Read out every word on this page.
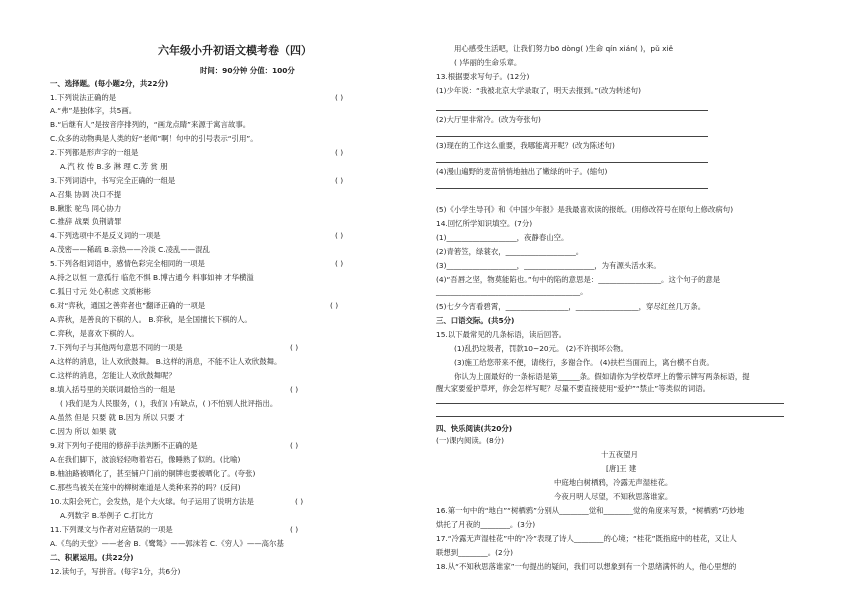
六年级小升初语文模考卷（四）
时间：90分钟 分值：100分
一、选择题。(每小题2分，共22分)
1.下列说法正确的是	( )
A.“弗”是独体字，共5画。
B.“后继有人”是按音序排列的，“画龙点睛”来源于寓言故事。
C.众多的动物典是人类的好“老师”啊！句中的引号表示“引用”。
2.下列都是形声字的一组是	( )
A.汽 枚 传 B.多 淋 理 C.芳 赏 朋
3.下列词语中，书写完全正确的一组是	( )
A.召集 协调 决口不提
B.瞅胀 驼鸟 同心协力
C.推辞 战栗 负荆请罪
4.下列选项中不是反义词的一项是	( )
A.茂密——稀疏 B.亲热——冷淡 C.凌乱——混乱
5.下列各组词语中，感情色彩完全相同的一项是	( )
A.持之以恒 一意孤行 临危不惧 B.博古通今 料事如神 才华横溢
C.狐日寸元 处心积虑 文质彬彬
6.对“弈秋，通国之善弈者也”翻译正确的一项是	( )
A.弈秋，是善良的下棋的人。 B.弈秋，是全国擅长下棋的人。
C.弈秋，是喜欢下棋的人。
7.下列句子与其他两句意思不同的一项是	( )
A.这样的消息，让人欢欣鼓舞。 B.这样的消息，不能不让人欢欣鼓舞。
C.这样的消息，怎能让人欢欣鼓舞呢？
8.填入括号里的关联词最恰当的一组是	( )
( )我们是为人民服务，( )，我们( )有缺点，( )不怕别人批评指出。
A.虽然 但是 只要 就 B.因为 所以 只要 才
C.因为 所以 如果 就
9.对下列句子使用的修辞手法判断不正确的是	( )
A.在我们脚下，波浪轻轻吻着岩石，像睡熟了似的。(比喻)
B.柚油路被晒化了，甚至铺户门前的铜牌也要被晒化了。(夸张)
C.那些鸟被关在笼中的柳树难道是人类种来养的吗？(反问)
10.太阳会死亡，会发热，是个大火球。句子运用了说明方法是	( )
A.列数字 B.举例子 C.打比方
11.下列课文与作者对应错误的一项是	( )
A.《鸟的天堂》——老舍 B.《鹭鸶》——郭沫若 C.《穷人》——高尔基
二、积累运用。(共22分)
12.读句子，写拼音。(每字1分，共6分)
用心感受生活吧，让我们努力bō dòng( )生命 qín xián( )，pǔ xiě
( )华丽的生命乐章。
13.根据要求写句子。(12分)
(1)少年说：“我被北京大学录取了，明天去报到。”(改为转述句)
(2)大厅里非常冷。(改为夸张句)
(3)现在的工作这么重要，我哪能离开呢？(改为陈述句)
(4)漫山遍野的麦苗悄悄地抽出了嫩绿的叶子。(缩句)
(5)《小学生导刊》和《中国少年报》是我最喜欢读的报纸。(用修改符号在原句上修改病句)
14.回忆所学知识填空。(7分)
(1)___________________，夜静春山空。
(2)青箬笠，绿蓑衣，___________________。
(3)___________________，___________________，为有源头活水来。
(4)“吾唇之坚，物莫能陷也。”句中的陷的意思是：_________________。这个句子的意是
_______________________________________。
(5)七夕今宵看碧霄，_________________，_________________，穿尽红丝几万条。
三、口语交际。(共5分)
15.以下最常见的几条标语，读后回答。
(1)乱扔垃圾者，罚款10~20元。 (2)不许损坏公物。
(3)施工给您带来不便，请绕行，多谢合作。 (4)扶栏当面而上，离台横不自责。
你认为上面最好的一条标语是第______条。假如请你为学校草坪上的警示牌写两条标语，提
醒大家要爱护草坪，你会怎样写呢？尽量不要直接使用“爱护”“禁止”等类似的词语。
四、快乐阅读(共20分)
(一)课内阅读。(8分)
十五夜望月
[唐]王 建
中庭地白树栖鸦，冷露无声湿桂花。
今夜月明人尽望，不知秋思落谁家。
16.第一句中的“地白”“树栖鸦”分别从________觉和________觉的角度来写景，“树栖鸦”巧妙地
烘托了月夜的________。(3分)
17.“冷露无声湿桂花”中的“冷”表现了诗人________的心境；“桂花”既指庭中的桂花，又让人
联想到________。(2分)
18.从“不知秋思落谁家”一句提出的疑问，我们可以想象到有一个思绪满怀的人，他心里想的
